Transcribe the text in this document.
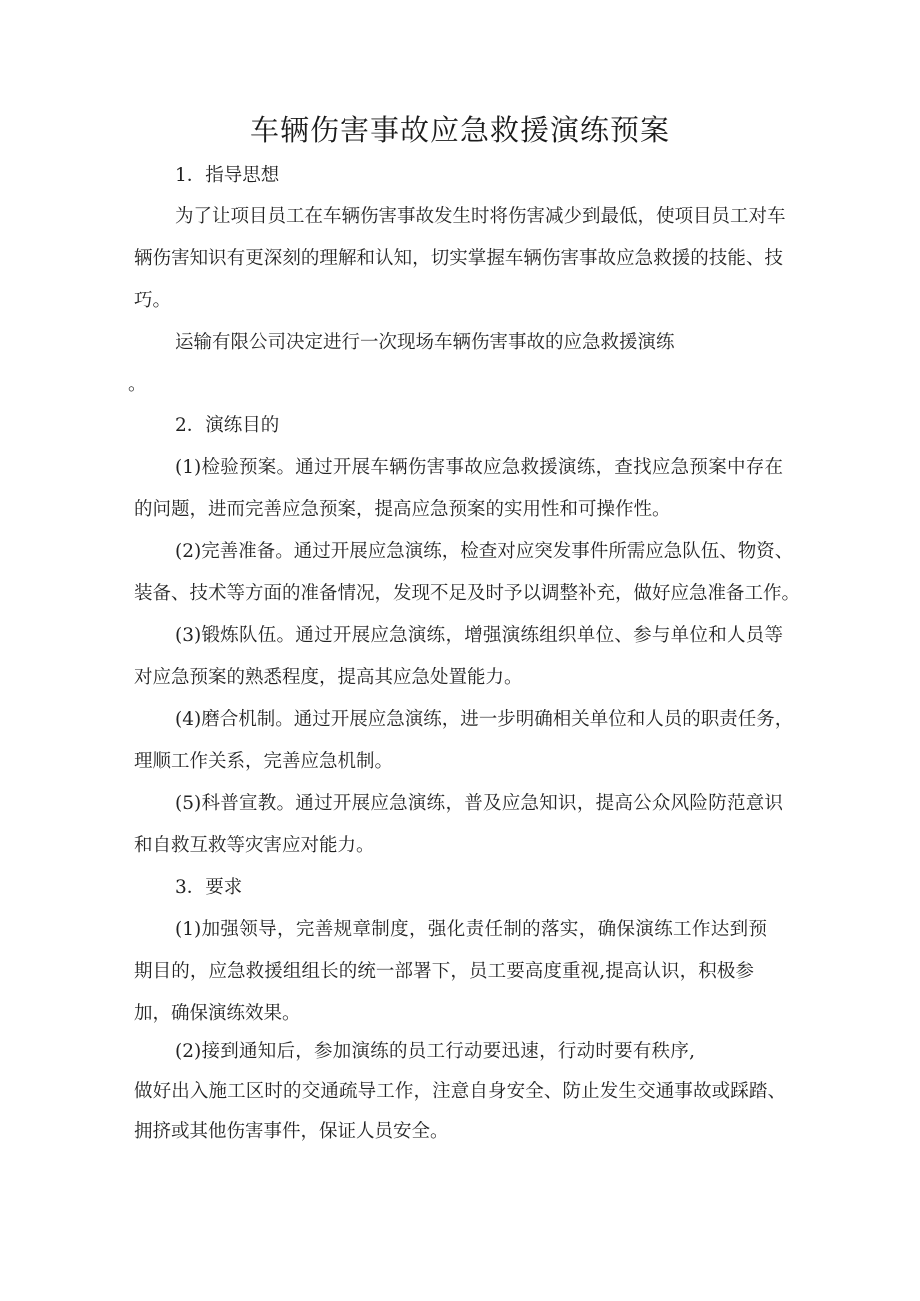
车辆伤害事故应急救援演练预案
1．指导思想
为了让项目员工在车辆伤害事故发生时将伤害减少到最低，使项目员工对车
辆伤害知识有更深刻的理解和认知，切实掌握车辆伤害事故应急救援的技能、技
巧。
运输有限公司决定进行一次现场车辆伤害事故的应急救援演练
。
2．演练目的
(1)检验预案。通过开展车辆伤害事故应急救援演练，查找应急预案中存在
的问题，进而完善应急预案，提高应急预案的实用性和可操作性。
(2)完善准备。通过开展应急演练，检查对应突发事件所需应急队伍、物资、
装备、技术等方面的准备情况，发现不足及时予以调整补充，做好应急准备工作。
(3)锻炼队伍。通过开展应急演练，增强演练组织单位、参与单位和人员等
对应急预案的熟悉程度，提高其应急处置能力。
(4)磨合机制。通过开展应急演练，进一步明确相关单位和人员的职责任务，
理顺工作关系，完善应急机制。
(5)科普宣教。通过开展应急演练，普及应急知识，提高公众风险防范意识
和自救互救等灾害应对能力。
3．要求
(1)加强领导，完善规章制度，强化责任制的落实，确保演练工作达到预
期目的，应急救援组组长的统一部署下，员工要高度重视,提高认识，积极参
加，确保演练效果。
(2)接到通知后，参加演练的员工行动要迅速，行动时要有秩序,
做好出入施工区时的交通疏导工作，注意自身安全、防止发生交通事故或踩踏、
拥挤或其他伤害事件，保证人员安全。
